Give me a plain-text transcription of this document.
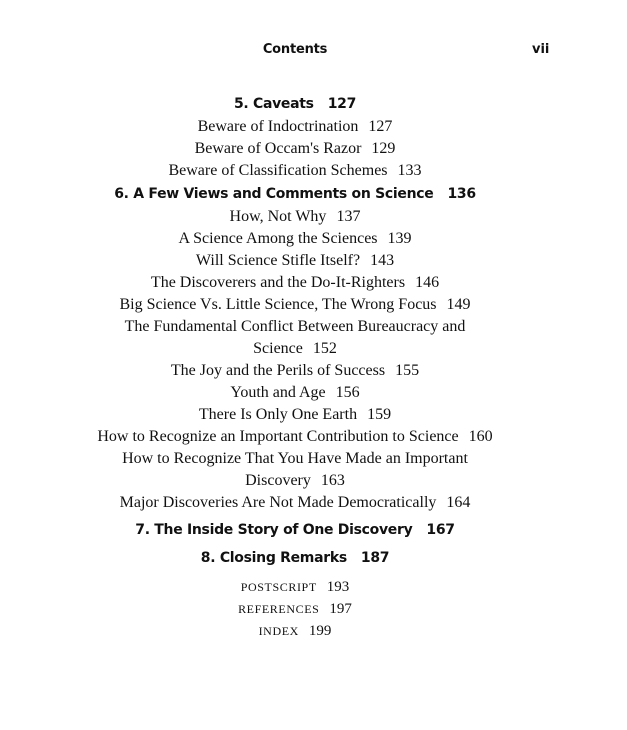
Contents	vii
5. Caveats 127
Beware of Indoctrination 127
Beware of Occam's Razor 129
Beware of Classification Schemes 133
6. A Few Views and Comments on Science 136
How, Not Why 137
A Science Among the Sciences 139
Will Science Stifle Itself? 143
The Discoverers and the Do-It-Righters 146
Big Science Vs. Little Science, The Wrong Focus 149
The Fundamental Conflict Between Bureaucracy and
Science 152
The Joy and the Perils of Success 155
Youth and Age 156
There Is Only One Earth 159
How to Recognize an Important Contribution to Science 160
How to Recognize That You Have Made an Important
Discovery 163
Major Discoveries Are Not Made Democratically 164
7. The Inside Story of One Discovery 167
8. Closing Remarks 187
POSTSCRIPT 193
REFERENCES 197
INDEX 199
